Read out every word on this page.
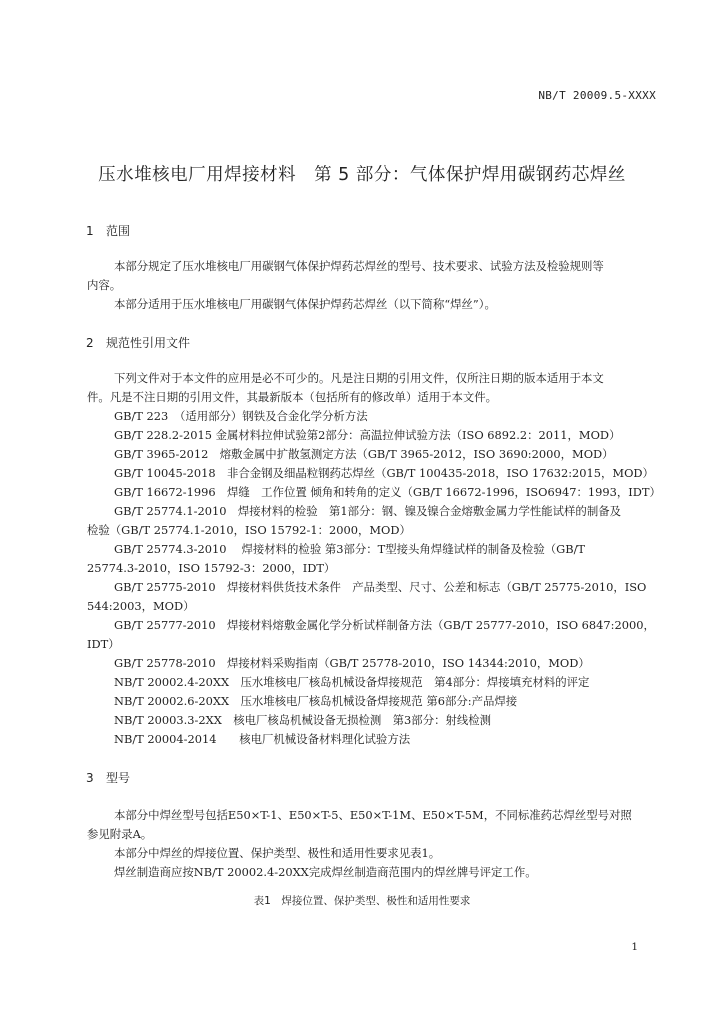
NB/T 20009.5-XXXX
压水堆核电厂用焊接材料　第 5 部分：气体保护焊用碳钢药芯焊丝
1 范围
本部分规定了压水堆核电厂用碳钢气体保护焊药芯焊丝的型号、技术要求、试验方法及检验规则等
内容。
本部分适用于压水堆核电厂用碳钢气体保护焊药芯焊丝（以下简称“焊丝”）。
2 规范性引用文件
下列文件对于本文件的应用是必不可少的。凡是注日期的引用文件，仅所注日期的版本适用于本文
件。凡是不注日期的引用文件，其最新版本（包括所有的修改单）适用于本文件。
GB/T 223　（适用部分）钢铁及合金化学分析方法
GB/T 228.2-2015 金属材料拉伸试验第2部分：高温拉伸试验方法（ISO 6892.2：2011，MOD）
GB/T 3965-2012　熔敷金属中扩散氢测定方法（GB/T 3965-2012，ISO 3690:2000，MOD）
GB/T 10045-2018　非合金钢及细晶粒钢药芯焊丝（GB/T 100435-2018，ISO 17632:2015，MOD）
GB/T 16672-1996　焊缝　工作位置 倾角和转角的定义（GB/T 16672-1996，ISO6947：1993，IDT）
GB/T 25774.1-2010　焊接材料的检验　第1部分：钢、镍及镍合金熔敷金属力学性能试样的制备及
检验（GB/T 25774.1-2010，ISO 15792-1：2000，MOD）
GB/T 25774.3-2010　 焊接材料的检验 第3部分：T型接头角焊缝试样的制备及检验（GB/T
25774.3-2010，ISO 15792-3：2000，IDT）
GB/T 25775-2010　焊接材料供货技术条件　产品类型、尺寸、公差和标志（GB/T 25775-2010，ISO
544:2003，MOD）
GB/T 25777-2010　焊接材料熔敷金属化学分析试样制备方法（GB/T 25777-2010，ISO 6847:2000，
IDT）
GB/T 25778-2010　焊接材料采购指南（GB/T 25778-2010，ISO 14344:2010，MOD）
NB/T 20002.4-20XX　压水堆核电厂核岛机械设备焊接规范　第4部分：焊接填充材料的评定
NB/T 20002.6-20XX　压水堆核电厂核岛机械设备焊接规范 第6部分:产品焊接
NB/T 20003.3-2XX　核电厂核岛机械设备无损检测　第3部分：射线检测
NB/T 20004-2014　　核电厂机械设备材料理化试验方法
3 型号
本部分中焊丝型号包括E50×T-1、E50×T-5、E50×T-1M、E50×T-5M，不同标准药芯焊丝型号对照
参见附录A。
本部分中焊丝的焊接位置、保护类型、极性和适用性要求见表1。
焊丝制造商应按NB/T 20002.4-20XX完成焊丝制造商范围内的焊丝牌号评定工作。
表1　焊接位置、保护类型、极性和适用性要求
1
